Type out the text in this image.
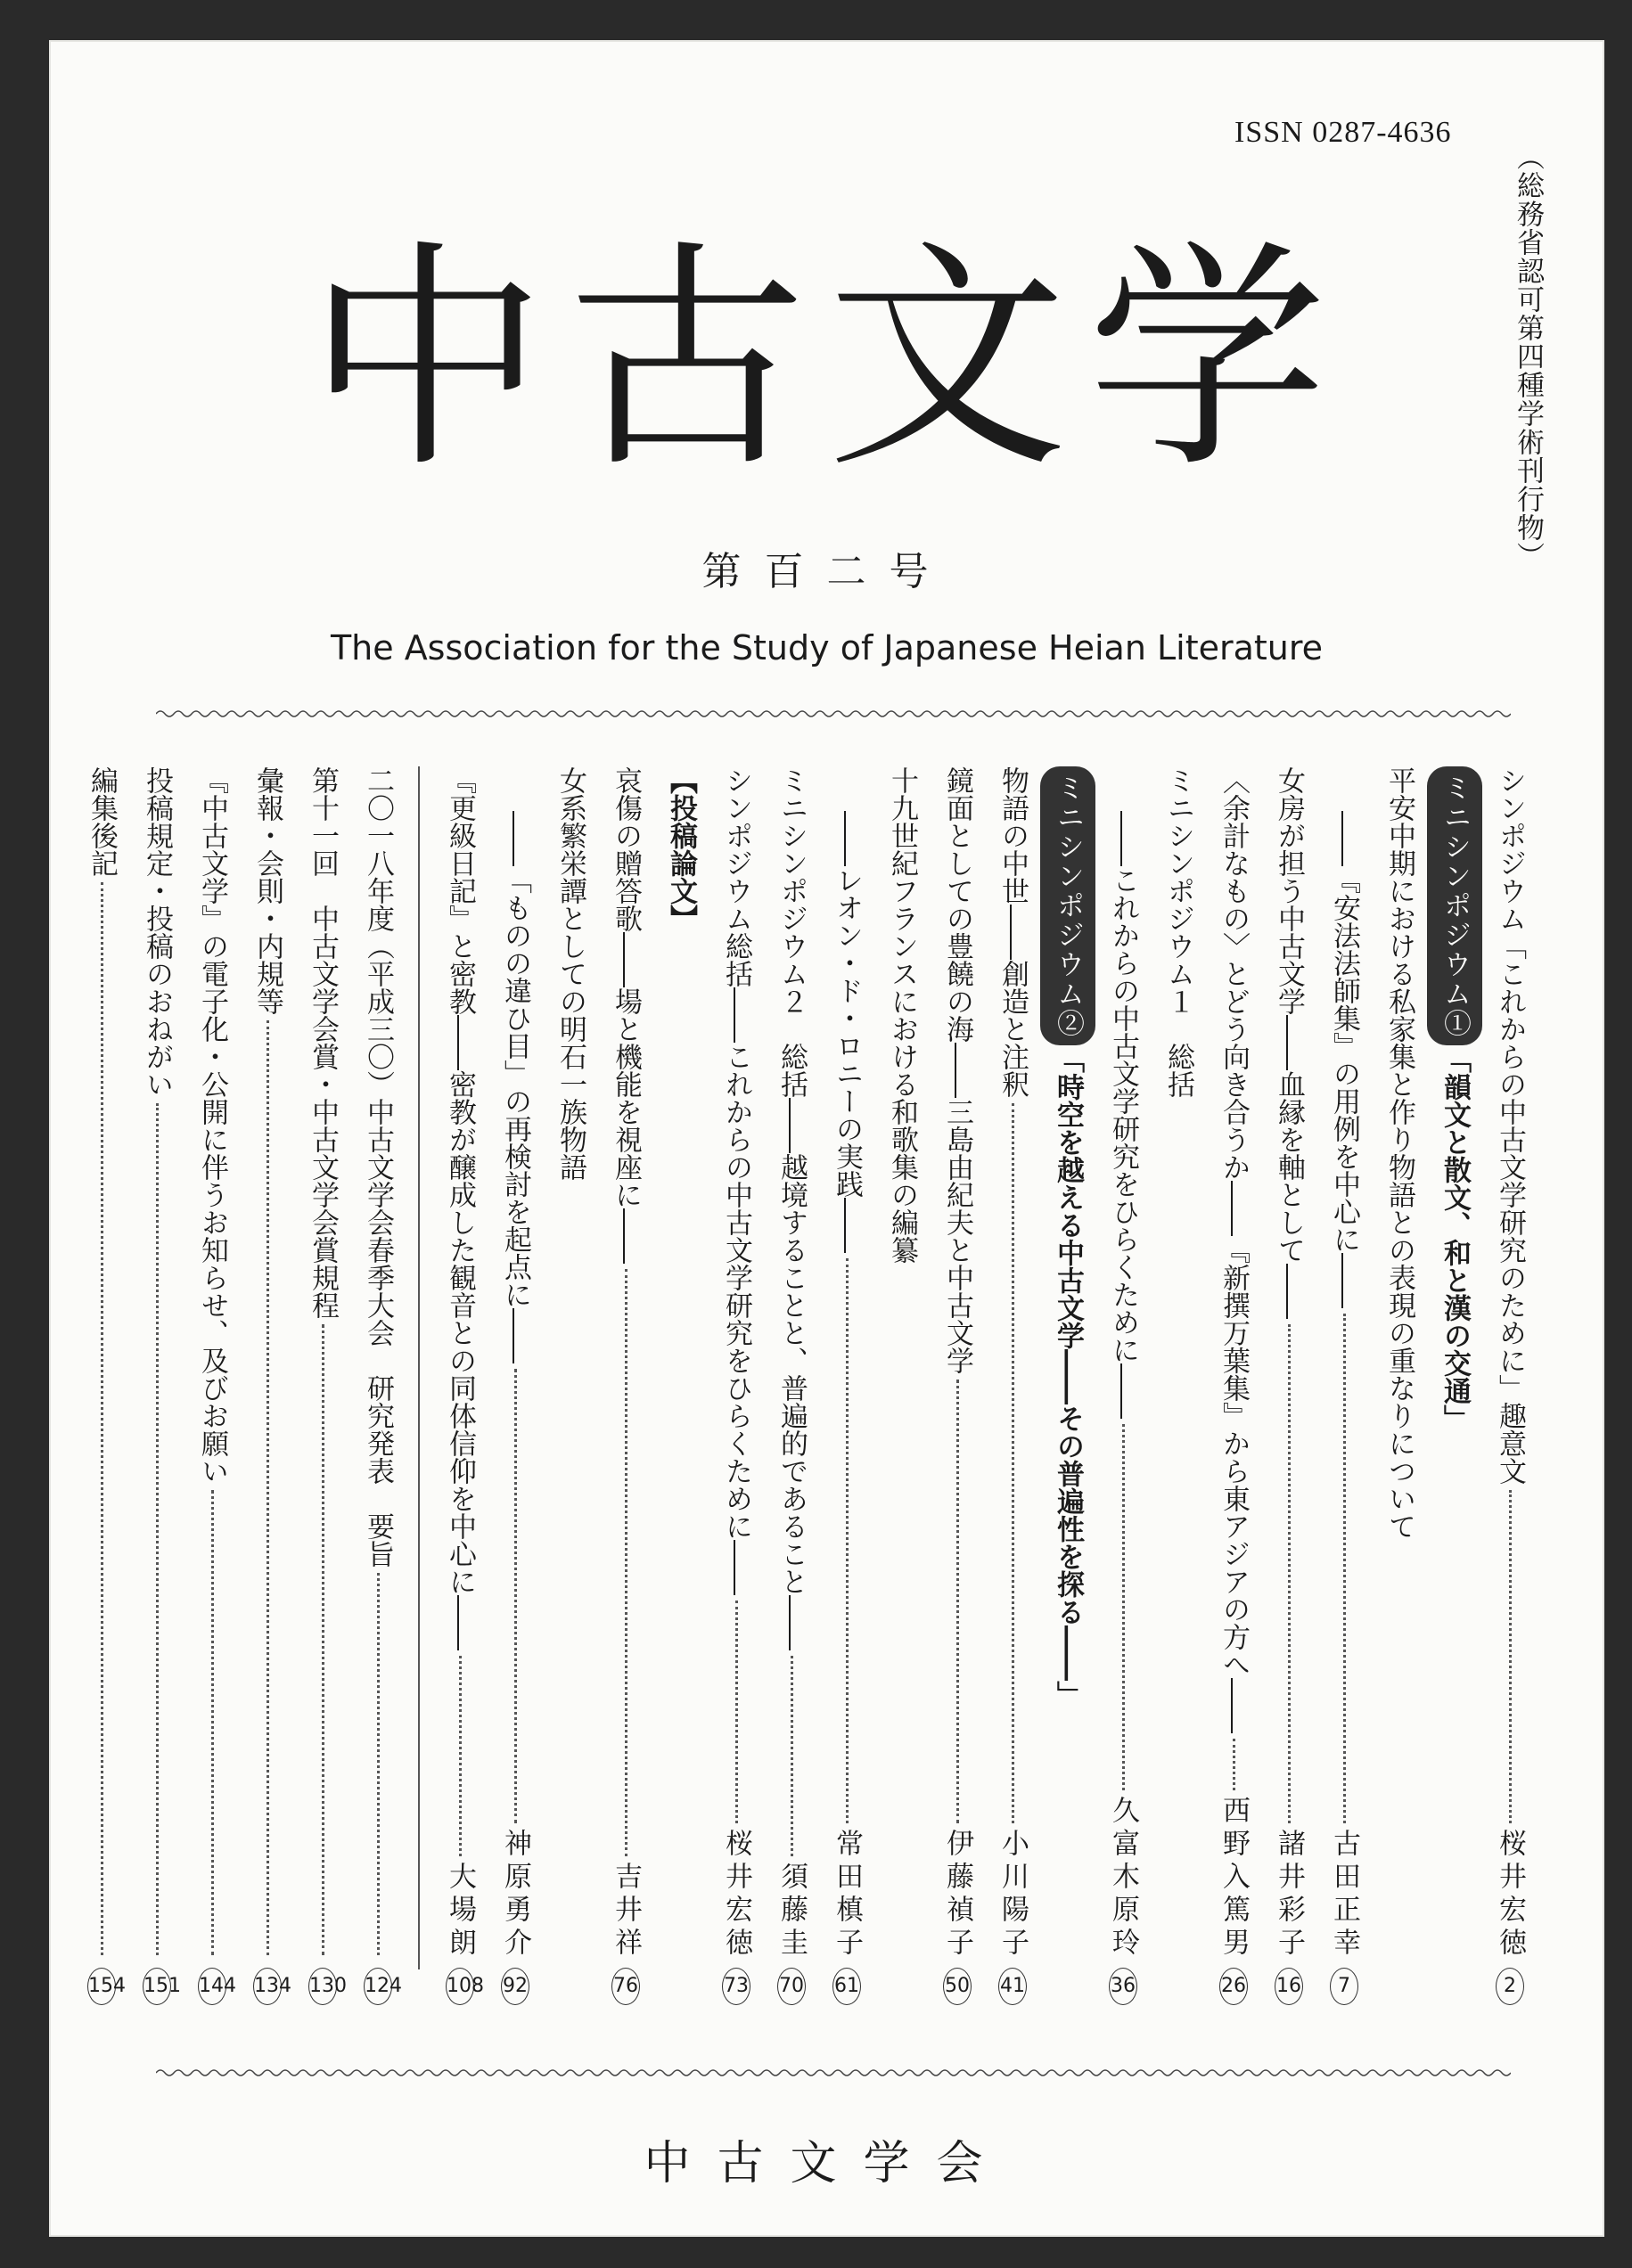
ISSN 0287-4636
（総務省認可第四種学術刊行物）
中古文学
第百二号
The Association for the Study of Japanese Heian Literature
シンポジウム「これからの中古文学研究のために」趣意文
桜井宏徳
2
ミニシンポジウム①
「韻文と散文、和と漢の交通」
平安中期における私家集と作り物語との表現の重なりについて
――『安法法師集』の用例を中心に――
古田正幸
7
女房が担う中古文学――血縁を軸として――
諸井彩子
16
〈余計なもの〉とどう向き合うか――『新撰万葉集』から東アジアの方へ――
西野入篤男
26
ミニシンポジウム１　総括
――これからの中古文学研究をひらくために――
久富木原玲
36
ミニシンポジウム②
「時空を越える中古文学――その普遍性を探る――」
物語の中世――創造と注釈
小川陽子
41
鏡面としての豊饒の海――三島由紀夫と中古文学
伊藤禎子
50
十九世紀フランスにおける和歌集の編纂
――レオン・ド・ロニーの実践――
常田槙子
61
ミニシンポジウム２　総括――越境することと、普遍的であること――
須藤圭
70
シンポジウム総括――これからの中古文学研究をひらくために――
桜井宏徳
73
【投稿論文】
哀傷の贈答歌――場と機能を視座に――
吉井祥
76
女系繁栄譚としての明石一族物語
――「ものの違ひ目」の再検討を起点に――
神原勇介
92
『更級日記』と密教――密教が醸成した観音との同体信仰を中心に――
大場朗
108
二〇一八年度（平成三〇）中古文学会春季大会　研究発表　要旨
124
第十一回　中古文学会賞・中古文学会賞規程
130
彙報・会則・内規等
134
『中古文学』の電子化・公開に伴うお知らせ、及びお願い
144
投稿規定・投稿のおねがい
151
編集後記
154
中古文学会
